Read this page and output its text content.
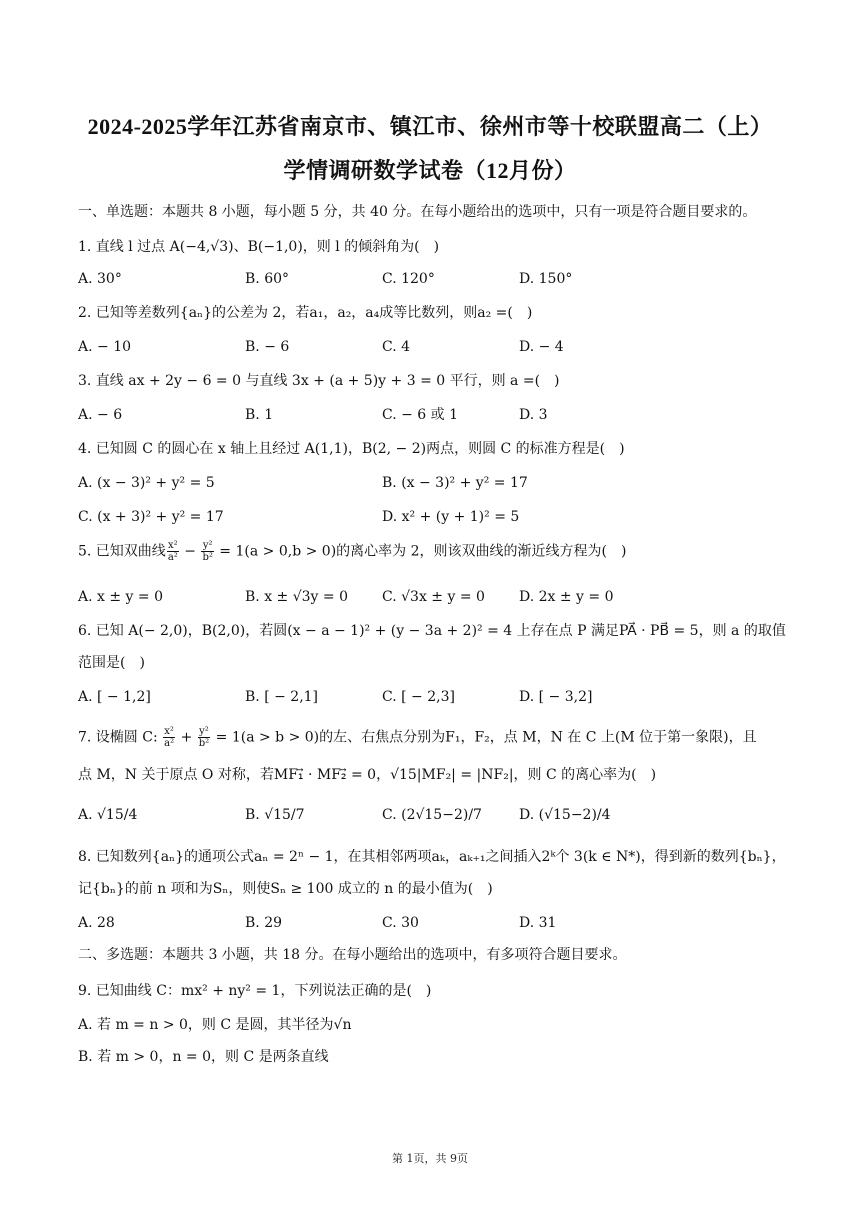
2024-2025学年江苏省南京市、镇江市、徐州市等十校联盟高二（上）
学情调研数学试卷（12月份）
一、单选题：本题共 8 小题，每小题 5 分，共 40 分。在每小题给出的选项中，只有一项是符合题目要求的。
1. 直线 l 过点 A(−4,√3)、B(−1,0)，则 l 的倾斜角为(　)
A. 30°	B. 60°	C. 120°	D. 150°
2. 已知等差数列{aₙ}的公差为 2，若a₁，a₂，a₄成等比数列，则a₂ =(　)
A. − 10	B. − 6	C. 4	D. − 4
3. 直线 ax + 2y − 6 = 0 与直线 3x + (a + 5)y + 3 = 0 平行，则 a =(　)
A. − 6	B. 1	C. − 6 或 1	D. 3
4. 已知圆 C 的圆心在 x 轴上且经过 A(1,1)，B(2, − 2)两点，则圆 C 的标准方程是(　)
A. (x − 3)² + y² = 5	B. (x − 3)² + y² = 17
C. (x + 3)² + y² = 17	D. x² + (y + 1)² = 5
5. 已知双曲线 $\frac{\text{x²}}{\text{a²}} - \frac{\text{y²}}{\text{b²}} = 1(a > 0,b > 0)$的离心率为 2，则该双曲线的渐近线方程为(　)
A. x ± y = 0	B. x ± √3y = 0 C. √3x ± y = 0 D. 2x ± y = 0
6. 已知 A(− 2,0)，B(2,0)，若圆(x − a − 1)² + (y − 3a + 2)² = 4 上存在点 P 满足PA⃗ · PB⃗ = 5，则 a 的取值
范围是(　)
A. [ − 1,2]	B. [ − 2,1]	C. [ − 2,3]	D. [ − 3,2]
7. 设椭圆 C: $\frac{\text{x²}}{\text{a²}} + \frac{\text{y²}}{\text{b²}} = 1(a > b > 0)$的左、右焦点分别为F₁，F₂，点 M，N 在 C 上(M 位于第一象限)，且
点 M，N 关于原点 O 对称，若MF₁⃗ · MF₂⃗ = 0，√15|MF₂| = |NF₂|，则 C 的离心率为(　)
A. √15/4	B. √15/7	C. (2√15−2)/7	D. (√15−2)/4
8. 已知数列{aₙ}的通项公式aₙ = 2ⁿ − 1，在其相邻两项aₖ，aₖ₊₁之间插入2ᵏ个 3(k ∈ N*)，得到新的数列{bₙ}，
记{bₙ}的前 n 项和为Sₙ，则使Sₙ ≥ 100 成立的 n 的最小值为(　)
A. 28	B. 29	C. 30	D. 31
二、多选题：本题共 3 小题，共 18 分。在每小题给出的选项中，有多项符合题目要求。
9. 已知曲线 C：mx² + ny² = 1，下列说法正确的是(　)
A. 若 m = n > 0，则 C 是圆，其半径为√n
B. 若 m > 0，n = 0，则 C 是两条直线
第 1页，共 9页
